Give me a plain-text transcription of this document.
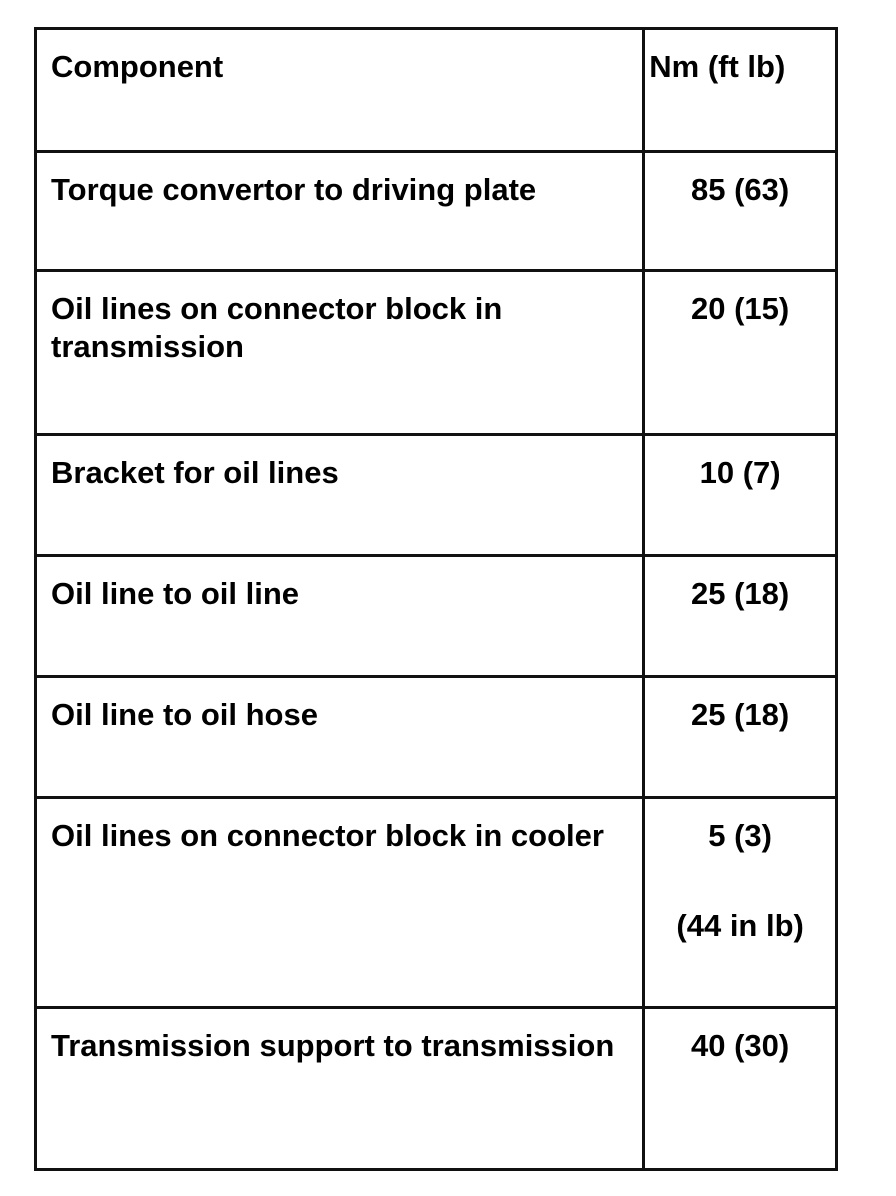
Component	Nm (ft lb)
Torque convertor to driving plate	85 (63)

Oil lines on connector block in transmission	20 (15)

Bracket for oil lines	10 (7)

Oil line to oil line	25 (18)

Oil line to oil hose	25 (18)

Oil lines on connector block in cooler	5 (3)
(44 in lb)

Transmission support to transmission	40 (30)
